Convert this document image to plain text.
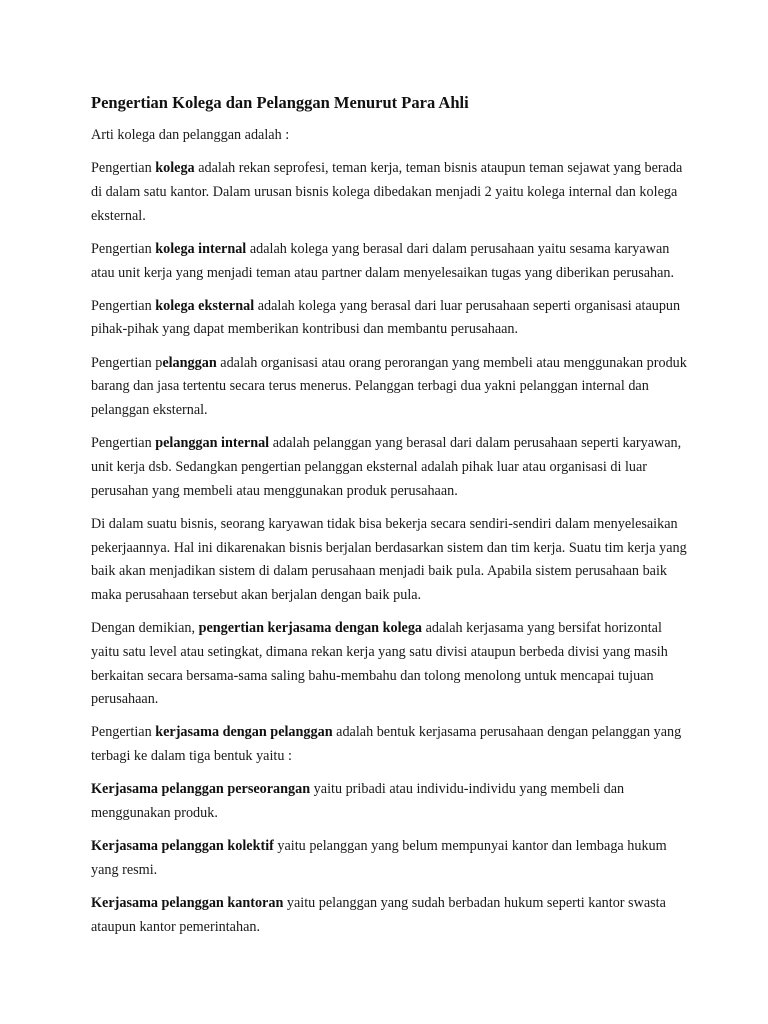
Pengertian Kolega dan Pelanggan Menurut Para Ahli

Arti kolega dan pelanggan adalah :

Pengertian kolega adalah rekan seprofesi, teman kerja, teman bisnis ataupun teman sejawat yang berada di dalam satu kantor. Dalam urusan bisnis kolega dibedakan menjadi 2 yaitu kolega internal dan kolega eksternal.

Pengertian kolega internal adalah kolega yang berasal dari dalam perusahaan yaitu sesama karyawan atau unit kerja yang menjadi teman atau partner dalam menyelesaikan tugas yang diberikan perusahan.

Pengertian kolega eksternal adalah kolega yang berasal dari luar perusahaan seperti organisasi ataupun pihak-pihak yang dapat memberikan kontribusi dan membantu perusahaan.

Pengertian pelanggan adalah organisasi atau orang perorangan yang membeli atau menggunakan produk barang dan jasa tertentu secara terus menerus. Pelanggan terbagi dua yakni pelanggan internal dan pelanggan eksternal.

Pengertian pelanggan internal adalah pelanggan yang berasal dari dalam perusahaan seperti karyawan, unit kerja dsb. Sedangkan pengertian pelanggan eksternal adalah pihak luar atau organisasi di luar perusahan yang membeli atau menggunakan produk perusahaan.

Di dalam suatu bisnis, seorang karyawan tidak bisa bekerja secara sendiri-sendiri dalam menyelesaikan pekerjaannya. Hal ini dikarenakan bisnis berjalan berdasarkan sistem dan tim kerja. Suatu tim kerja yang baik akan menjadikan sistem di dalam perusahaan menjadi baik pula. Apabila sistem perusahaan baik maka perusahaan tersebut akan berjalan dengan baik pula.

Dengan demikian, pengertian kerjasama dengan kolega adalah kerjasama yang bersifat horizontal yaitu satu level atau setingkat, dimana rekan kerja yang satu divisi ataupun berbeda divisi yang masih berkaitan secara bersama-sama saling bahu-membahu dan tolong menolong untuk mencapai tujuan perusahaan.

Pengertian kerjasama dengan pelanggan adalah bentuk kerjasama perusahaan dengan pelanggan yang terbagi ke dalam tiga bentuk yaitu :

Kerjasama pelanggan perseorangan yaitu pribadi atau individu-individu yang membeli dan menggunakan produk.

Kerjasama pelanggan kolektif yaitu pelanggan yang belum mempunyai kantor dan lembaga hukum yang resmi.

Kerjasama pelanggan kantoran yaitu pelanggan yang sudah berbadan hukum seperti kantor swasta ataupun kantor pemerintahan.
